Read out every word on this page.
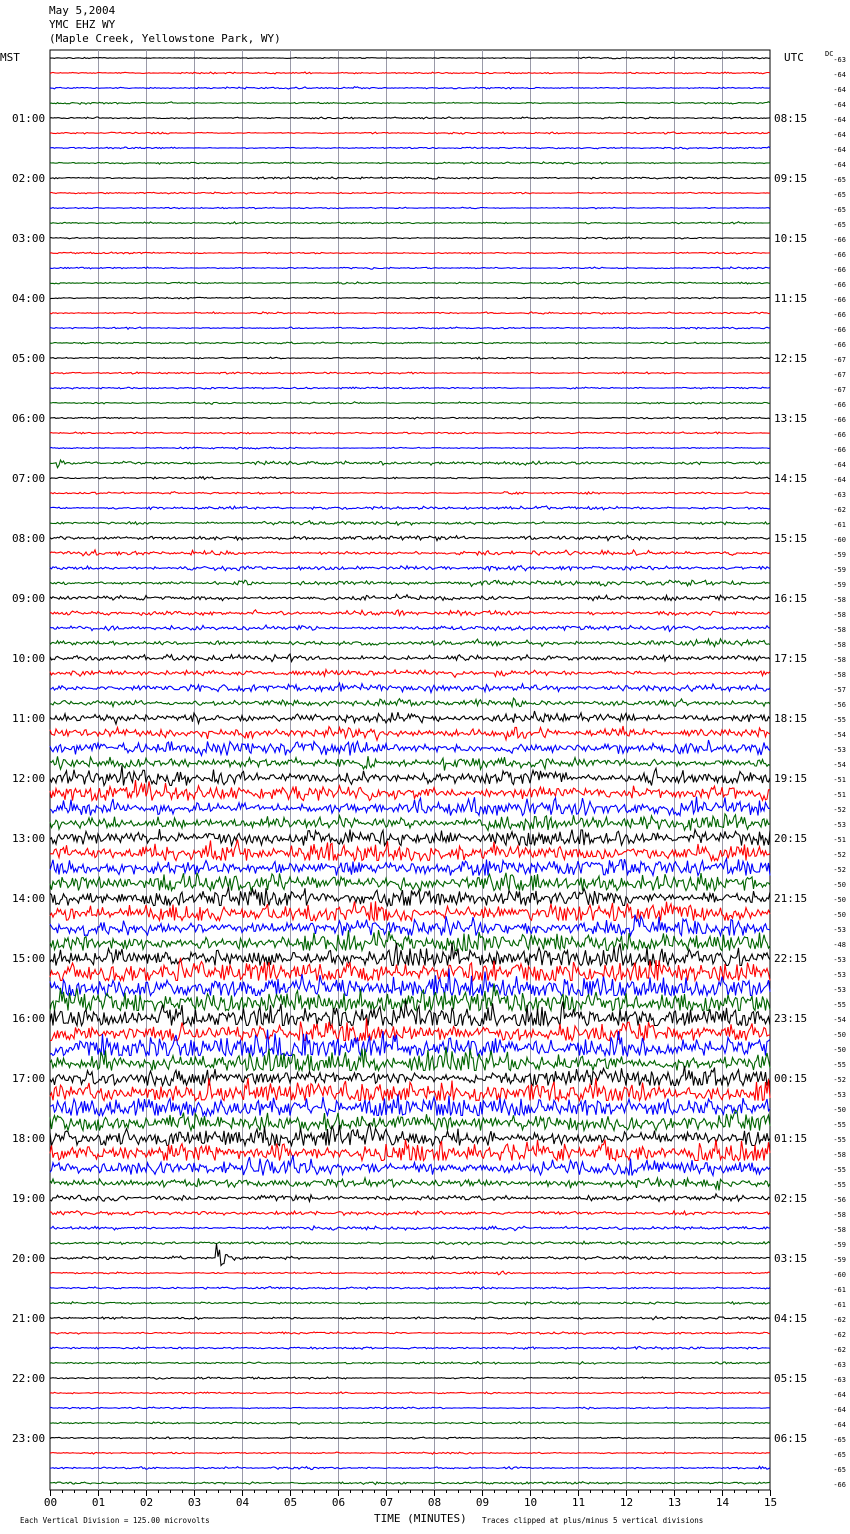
May 5,2004
YMC EHZ WY
(Maple Creek, Yellowstone Park, WY)
00	01	02	03	04	05	06	07	08	09	10	11	12	13	14	15
-63
-64
-64
-64
-64
-64
-64
-64
-65
-65
-65
-65
-66
-66
-66
-66
-66
-66
-66
-66
-67
-67
-67
-66
-66
-66
-66
-64
-64
-63
-62
-61
-60
-59
-59
-59
-58
-58
-58
-58
-58
-58
-57
-56
-55
-54
-53
-54
-51
-51
-52
-53
-51
-52
-52
-50
-50
-50
-53
-48
-53
-53
-53
-55
-54
-50
-50
-55
-52
-53
-50
-55
-55
-58
-55
-55
-56
-58
-58
-59
-59
-60
-61
-61
-62
-62
-62
-63
-63
-64
-64
-64
-65
-65
-65
-66
MST	UTC	DC
01:00
02:00
03:00
04:00
05:00
06:00
07:00
08:00
09:00
10:00
11:00
12:00
13:00
14:00
15:00
16:00
17:00
18:00
19:00
20:00
21:00
22:00
23:00
08:15
09:15
10:15
11:15
12:15
13:15
14:15
15:15
16:15
17:15
18:15
19:15
20:15
21:15
22:15
23:15
00:15
01:15
02:15
03:15
04:15
05:15
06:15
Each Vertical Division = 125.00 microvolts	TIME (MINUTES) Traces clipped at plus/minus 5 vertical divisions
